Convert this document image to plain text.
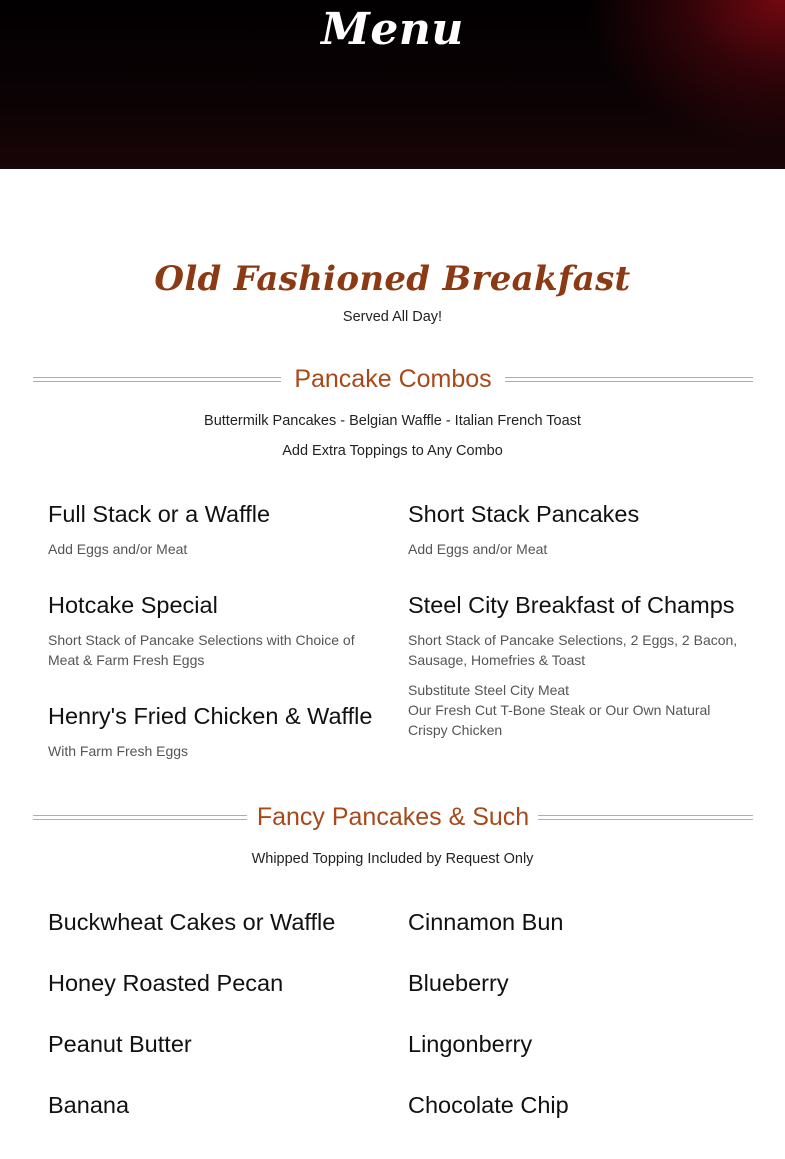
Menu
Old Fashioned Breakfast
Served All Day!
Pancake Combos
Buttermilk Pancakes - Belgian Waffle - Italian French Toast
Add Extra Toppings to Any Combo
Full Stack or a Waffle
Add Eggs and/or Meat
Short Stack Pancakes
Add Eggs and/or Meat
Hotcake Special
Short Stack of Pancake Selections with Choice of Meat & Farm Fresh Eggs
Steel City Breakfast of Champs
Short Stack of Pancake Selections, 2 Eggs, 2 Bacon, Sausage, Homefries & Toast
Substitute Steel City Meat
Our Fresh Cut T-Bone Steak or Our Own Natural Crispy Chicken
Henry's Fried Chicken & Waffle
With Farm Fresh Eggs
Fancy Pancakes & Such
Whipped Topping Included by Request Only
Buckwheat Cakes or Waffle	Cinnamon Bun
Honey Roasted Pecan	Blueberry
Peanut Butter	Lingonberry
Banana	Chocolate Chip
